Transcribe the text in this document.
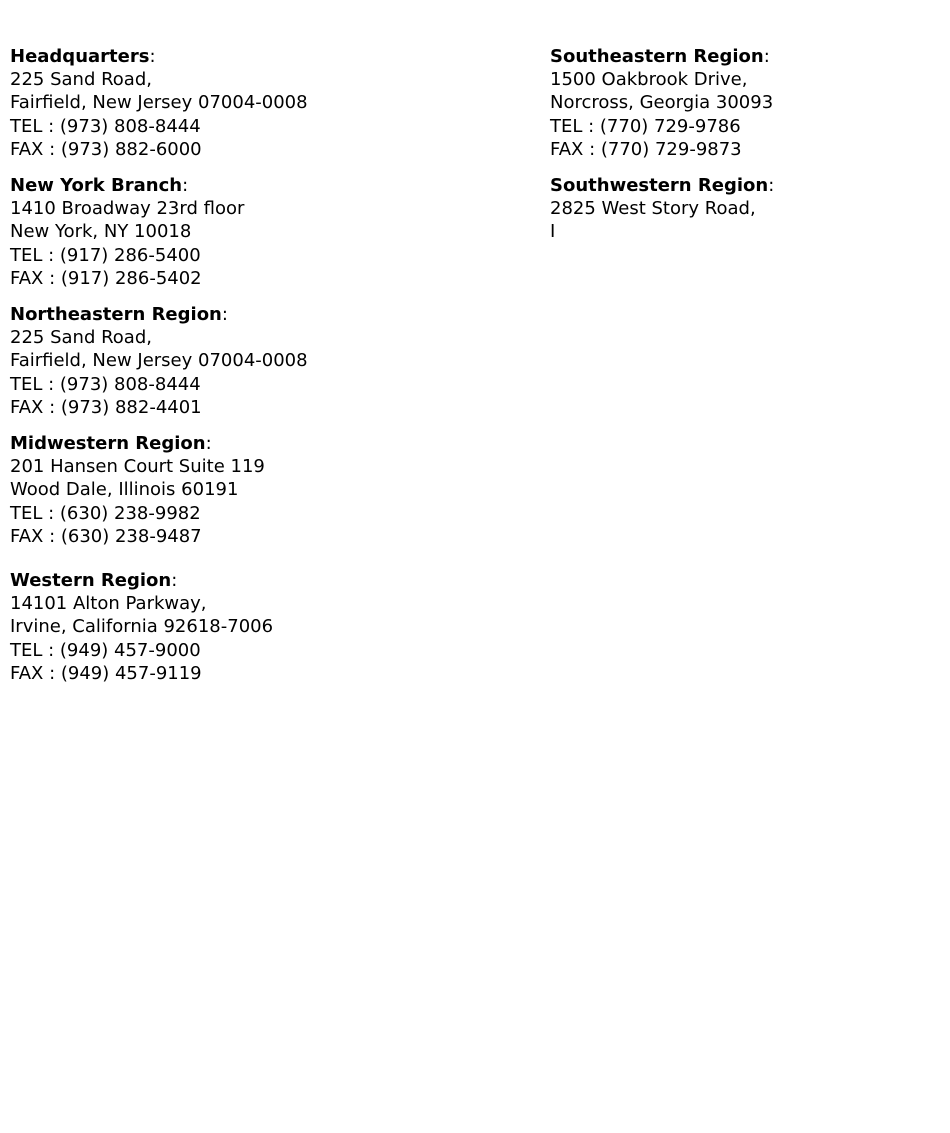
Headquarters:
225 Sand Road,
Fairfield, New Jersey 07004-0008
TEL : (973) 808-8444
FAX : (973) 882-6000
New York Branch:
1410 Broadway 23rd floor
New York, NY 10018
TEL : (917) 286-5400
FAX : (917) 286-5402
Northeastern Region:
225 Sand Road,
Fairfield, New Jersey 07004-0008
TEL : (973) 808-8444
FAX : (973) 882-4401
Midwestern Region:
201 Hansen Court Suite 119
Wood Dale, Illinois 60191
TEL : (630) 238-9982
FAX : (630) 238-9487
Western Region:
14101 Alton Parkway,
Irvine, California 92618-7006
TEL : (949) 457-9000
FAX : (949) 457-9119
Southeastern Region:
1500 Oakbrook Drive,
Norcross, Georgia 30093
TEL : (770) 729-9786
FAX : (770) 729-9873
Southwestern Region:
2825 West Story Road,
I
